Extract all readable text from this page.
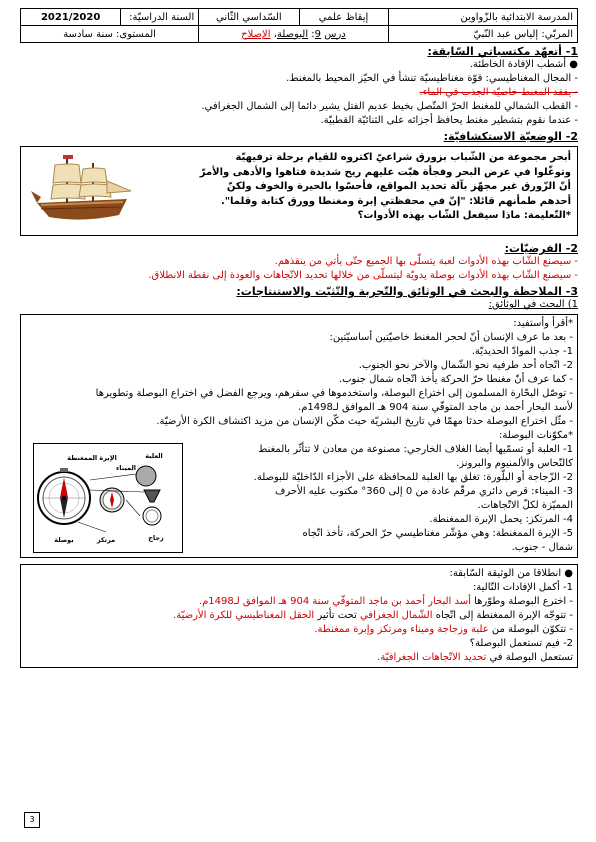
المدرسة الابتدائية بالزّواوين	إيقاظ علمي	السّداسي الثّاني	السنة الدراسيّة:	2021/2020
المربّي: إلياس عبد النّبيّ	درس 9: البوصلة، الإصلاح		المستوى: سنة سادسة	
1- أتعهّد مكتسباتي السّابقة:
● أشطب الإفادة الخاطئة.
- المجال المغناطيسي: قوّة مغناطيسيّة تنشأ في الحيّز المحيط بالمغنط.
- يفقد المغنط خاصيّة الجذب في الماء.
- القطب الشمالي للمغنط الحرّ المتّصل بخيط عديم الفتل يشير دائما إلى الشمال الجغرافي.
- عندما نقوم بتشطير مغنط يحافظ أجزائه على الثنائيّة القطبيّة.
2- الوضعيّة الاستكشافيّة:
أبحر مجموعة من الشّباب بزورق شراعيّ اكتروه للقيام برحلة ترفيهيّة
وتوغّلوا في عرض البحر وفجأة هبّت عليهم ريح شديدة فتاهوا والأدهى والأمرّ
أنّ الزّورق غير مجهّز بآلة تحديد المواقع، فأحسّوا بالحيرة والخوف ولكنّ
أحدهم طمأنهم قائلا: "إنّ في محفظتي إبرة ومغنطا وورق كتابة وقلما".
*التّعليمة: ماذا سيفعل الشّاب بهذه الأدوات؟
2- الفرضيّات:
- سيصنع الشّاب بهذه الأدوات لعبة يتسلّى بها الجميع حتّى يأتي من ينقذهم.
- سيصنع الشّاب بهذه الأدوات بوصلة يدويّة ليتسلّى من خلالها تحديد الاتّجاهات والعودة إلى نقطة الانطلاق.
3- الملاحظة والبحث في الوثائق والتّجربة والتّثبّت والاستنتاجات:
1) البحث في الوثائق:
*أقرأ وأستفيد:
- بعد ما عرف الإنسان أنّ لحجر المغنط خاصيّتين أساسيّتين:
1- جذب الموادّ الحديديّة.
2- اتّجاه أحد طرفيه نحو الشّمال والآخر نحو الجنوب.
- كما عرف أنّ مغنطا حرّ الحركة يأخذ اتّجاه شمال جنوب.
- توصّل البحّارة المسلمون إلى اختراع البوصلة، واستخدموها في سفرهم، ويرجع الفضل في اختراع البوصلة وتطويرها
لأسد البحار أحمد بن ماجد المتوفّي سنة 904 هـ الموافق لـ1498م.
- مثّل اختراع البوصلة حدثا مهمّا في تاريخ البشريّة حيث مكّن الإنسان من مزيد اكتشاف الكرة الأرضيّة.
*مكوّنات البوصلة:
1- العلبة أو تسمّيها أيضا الغلاف الخارجي: مصنوعة من معادن لا تتأثّر بالمغنط
كالنّحاس والألمنيوم والبرونز.
2- الزّجاجة أو البلّورة: تغلق بها العلبة للمحافظة على الأجزاء الدّاخليّة للبوصلة.
3- الميناء: قرص دائري مرقّم عادة من 0 إلى 360° مكتوب عليه الأحرف
المميّزة لكلّ الاتّجاهات.
4- المرتكز: يحمل الإبرة الممغنطة.
5- الإبرة الممغنطة: وهي مؤشّر مغناطيسي حرّ الحركة، تأخذ اتّجاه
شمال - جنوب.
الإبرة الممغنطة	العلبة
الميناء
مرتكز	زجاج
بوصلة
● انطلاقا من الوثيقة السّابقة:
1- أكمل الإفادات التّالية:
- اخترع البوصلة وطوّرها أسد البحار أحمد بن ماجد المتوفّي سنة 904 هـ الموافق لـ1498م.
- تتوجّه الإبرة الممغنطة إلى اتّجاه الشّمال الجغرافي تحت تأثير الحقل المغناطيسي للكرة الأرضيّة.
- تتكوّن البوصلة من علبة وزجاجة وميناء ومرتكز وإبرة ممغنطة.
2- فيم تستعمل البوصلة؟
تستعمل البوصلة في تحديد الاتّجاهات الجغرافيّة.
3
